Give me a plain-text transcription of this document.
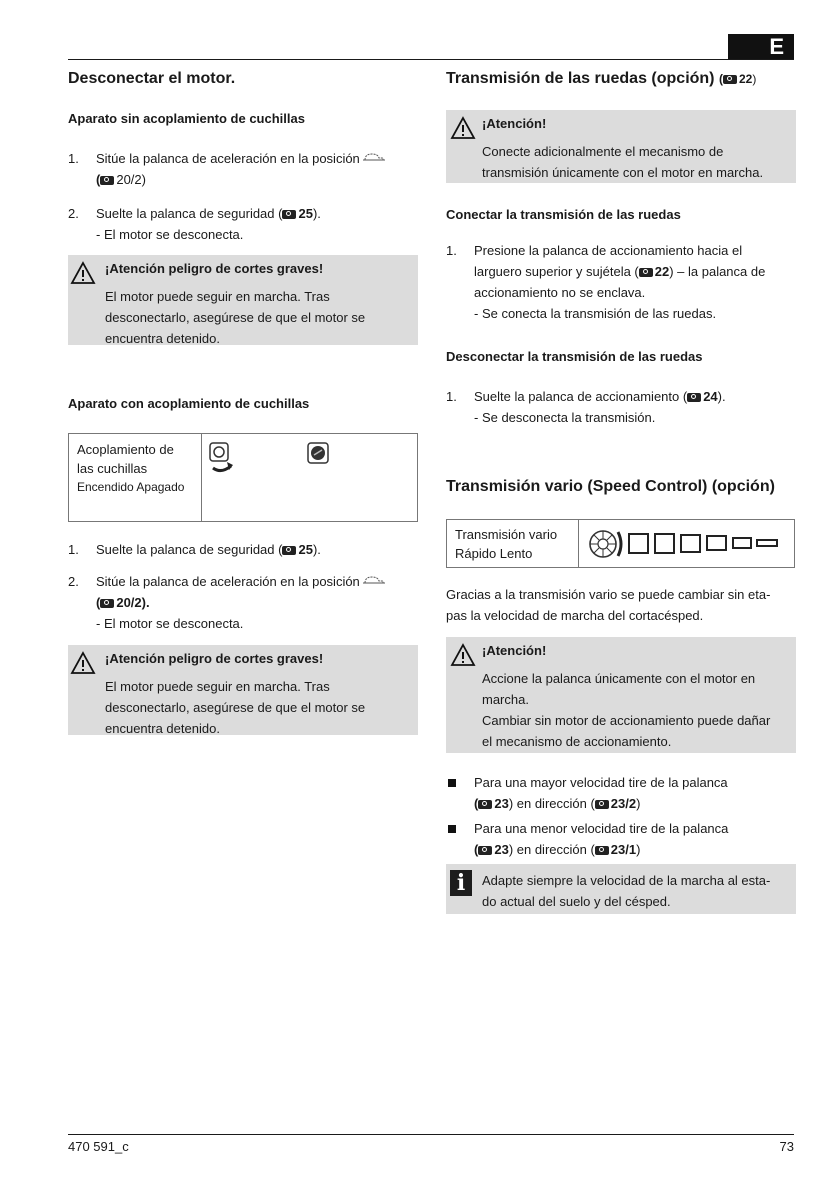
E
Desconectar el motor.
Aparato sin acoplamiento de cuchillas
1. Sitúe la palanca de aceleración en la posición
( 20/2)
2. Suelte la palanca de seguridad ( 25).
- El motor se desconecta.
¡Atención peligro de cortes graves!
El motor puede seguir en marcha. Tras
desconectarlo, asegúrese de que el motor se
encuentra detenido.
Aparato con acoplamiento de cuchillas
Acoplamiento de
las cuchillas
Encendido Apagado
1. Suelte la palanca de seguridad ( 25).
2. Sitúe la palanca de aceleración en la posición
( 20/2).
- El motor se desconecta.
¡Atención peligro de cortes graves!
El motor puede seguir en marcha. Tras
desconectarlo, asegúrese de que el motor se
encuentra detenido.
Transmisión de las ruedas (opción) ( 22)
¡Atención!
Conecte adicionalmente el mecanismo de
transmisión únicamente con el motor en marcha.
Conectar la transmisión de las ruedas
1. Presione la palanca de accionamiento hacia el
larguero superior y sujétela ( 22) – la palanca de
accionamiento no se enclava.
- Se conecta la transmisión de las ruedas.
Desconectar la transmisión de las ruedas
1. Suelte la palanca de accionamiento ( 24).
- Se desconecta la transmisión.
Transmisión vario (Speed Control) (opción)
Transmisión vario
Rápido Lento
Gracias a la transmisión vario se puede cambiar sin eta-
pas la velocidad de marcha del cortacésped.
¡Atención!
Accione la palanca únicamente con el motor en
marcha.
Cambiar sin motor de accionamiento puede dañar
el mecanismo de accionamiento.
Para una mayor velocidad tire de la palanca
( 23) en dirección ( 23/2)
Para una menor velocidad tire de la palanca
( 23) en dirección ( 23/1)
i	Adapte siempre la velocidad de la marcha al esta-
do actual del suelo y del césped.
470 591_c	73
